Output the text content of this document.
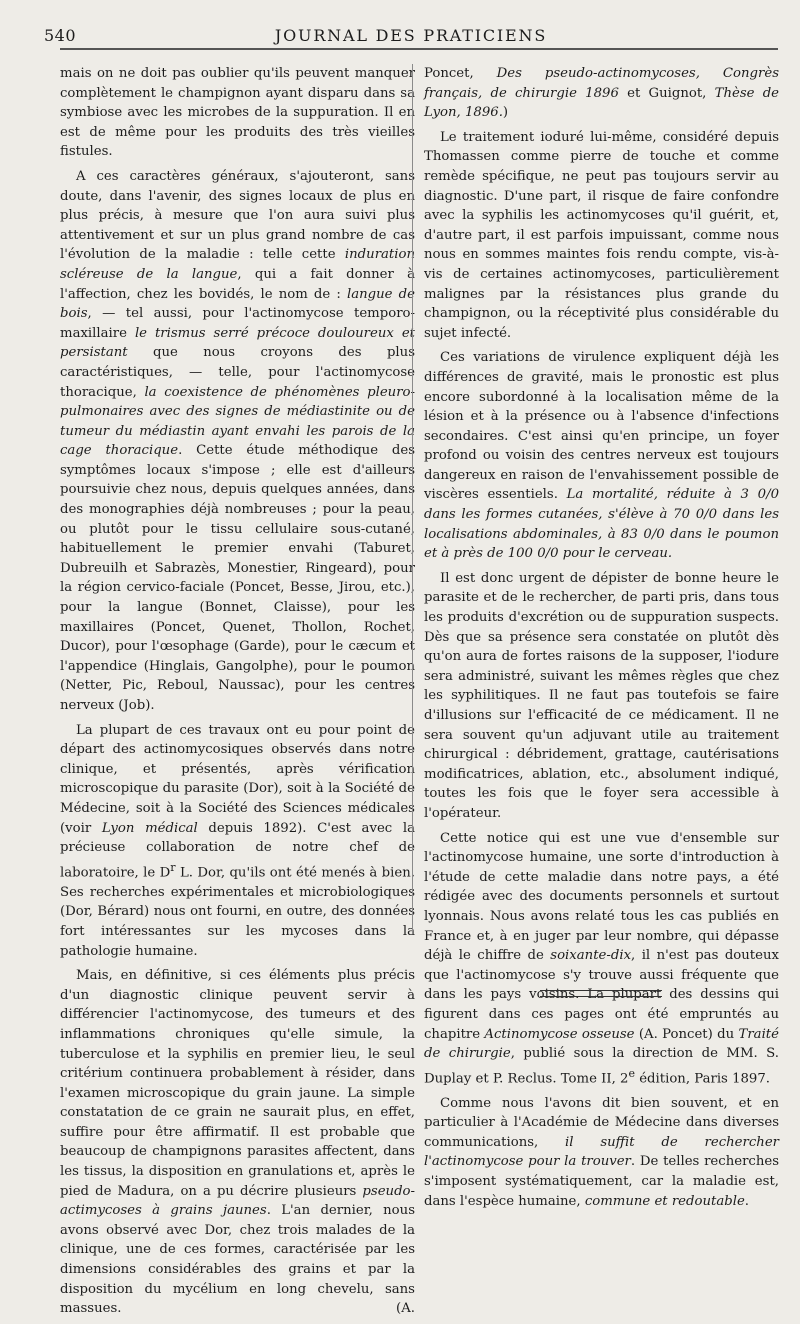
540	JOURNAL DES PRATICIENS

mais on ne doit pas oublier qu'ils peuvent manquer complètement le champignon ayant disparu dans sa symbiose avec les microbes de la suppuration. Il en est de même pour les produits des très vieilles fistules.

A ces caractères généraux, s'ajouteront, sans doute, dans l'avenir, des signes locaux de plus en plus précis, à mesure que l'on aura suivi plus attentivement et sur un plus grand nombre de cas l'évolution de la maladie : telle cette induration scléreuse de la langue, qui a fait donner à l'affection, chez les bovidés, le nom de : langue de bois, — tel aussi, pour l'actinomycose temporo-maxillaire le trismus serré précoce douloureux et persistant que nous croyons des plus caractéristiques, — telle, pour l'actinomycose thoracique, la coexistence de phénomènes pleuro-pulmonaires avec des signes de médiastinite ou de tumeur du médiastin ayant envahi les parois de la cage thoracique. Cette étude méthodique des symptômes locaux s'impose ; elle est d'ailleurs poursuivie chez nous, depuis quelques années, dans des monographies déjà nombreuses ; pour la peau, ou plutôt pour le tissu cellulaire sous-cutané, habituellement le premier envahi (Taburet, Dubreuilh et Sabrazès, Monestier, Ringeard), pour la région cervico-faciale (Poncet, Besse, Jirou, etc.), pour la langue (Bonnet, Claisse), pour les maxillaires (Poncet, Quenet, Thollon, Rochet, Ducor), pour l'œsophage (Garde), pour le cæcum et l'appendice (Hinglais, Gangolphe), pour le poumon (Netter, Pic, Reboul, Naussac), pour les centres nerveux (Job).

La plupart de ces travaux ont eu pour point de départ des actinomycosiques observés dans notre clinique, et présentés, après vérification microscopique du parasite (Dor), soit à la Société de Médecine, soit à la Société des Sciences médicales (voir Lyon médical depuis 1892). C'est avec la précieuse collaboration de notre chef de laboratoire, le $D^r$ L. Dor, qu'ils ont été menés à bien. Ses recherches expérimentales et microbiologiques (Dor, Bérard) nous ont fourni, en outre, des données fort intéressantes sur les mycoses dans la pathologie humaine.

Mais, en définitive, si ces éléments plus précis d'un diagnostic clinique peuvent servir à différencier l'actinomycose, des tumeurs et des inflammations chroniques qu'elle simule, la tuberculose et la syphilis en premier lieu, le seul critérium continuera probablement à résider, dans l'examen microscopique du grain jaune. La simple constatation de ce grain ne saurait plus, en effet, suffire pour être affirmatif. Il est probable que beaucoup de champignons parasites affectent, dans les tissus, la disposition en granulations et, après le pied de Madura, on a pu décrire plusieurs pseudo-actimycoses à grains jaunes. L'an dernier, nous avons observé avec Dor, chez trois malades de la clinique, une de ces formes, caractérisée par les dimensions considérables des grains et par la disposition du mycélium en long chevelu, sans massues. (A.

Poncet, Des pseudo-actinomycoses, Congrès français, de chirurgie 1896 et Guignot, Thèse de Lyon, 1896.)

Le traitement ioduré lui-même, considéré depuis Thomassen comme pierre de touche et comme remède spécifique, ne peut pas toujours servir au diagnostic. D'une part, il risque de faire confondre avec la syphilis les actinomycoses qu'il guérit, et, d'autre part, il est parfois impuissant, comme nous nous en sommes maintes fois rendu compte, vis-à-vis de certaines actinomycoses, particulièrement malignes par la résistances plus grande du champignon, ou la réceptivité plus considérable du sujet infecté.

Ces variations de virulence expliquent déjà les différences de gravité, mais le pronostic est plus encore subordonné à la localisation même de la lésion et à la présence ou à l'absence d'infections secondaires. C'est ainsi qu'en principe, un foyer profond ou voisin des centres nerveux est toujours dangereux en raison de l'envahissement possible de viscères essentiels. La mortalité, réduite à 3 0/0 dans les formes cutanées, s'élève à 70 0/0 dans les localisations abdominales, à 83 0/0 dans le poumon et à près de 100 0/0 pour le cerveau.

Il est donc urgent de dépister de bonne heure le parasite et de le rechercher, de parti pris, dans tous les produits d'excrétion ou de suppuration suspects. Dès que sa présence sera constatée on plutôt dès qu'on aura de fortes raisons de la supposer, l'iodure sera administré, suivant les mêmes règles que chez les syphilitiques. Il ne faut pas toutefois se faire d'illusions sur l'efficacité de ce médicament. Il ne sera souvent qu'un adjuvant utile au traitement chirurgical : débridement, grattage, cautérisations modificatrices, ablation, etc., absolument indiqué, toutes les fois que le foyer sera accessible à l'opérateur.

Cette notice qui est une vue d'ensemble sur l'actinomycose humaine, une sorte d'introduction à l'étude de cette maladie dans notre pays, a été rédigée avec des documents personnels et surtout lyonnais. Nous avons relaté tous les cas publiés en France et, à en juger par leur nombre, qui dépasse déjà le chiffre de soixante-dix, il n'est pas douteux que l'actinomycose s'y trouve aussi fréquente que dans les pays voisins. La plupart des dessins qui figurent dans ces pages ont été empruntés au chapitre Actinomycose osseuse (A. Poncet) du Traité de chirurgie, publié sous la direction de MM. S. Duplay et P. Reclus. Tome II, 2e édition, Paris 1897.

Comme nous l'avons dit bien souvent, et en particulier à l'Académie de Médecine dans diverses communications, il suffit de rechercher l'actinomycose pour la trouver. De telles recherches s'imposent systématiquement, car la maladie est, dans l'espèce humaine, commune et redoutable.
